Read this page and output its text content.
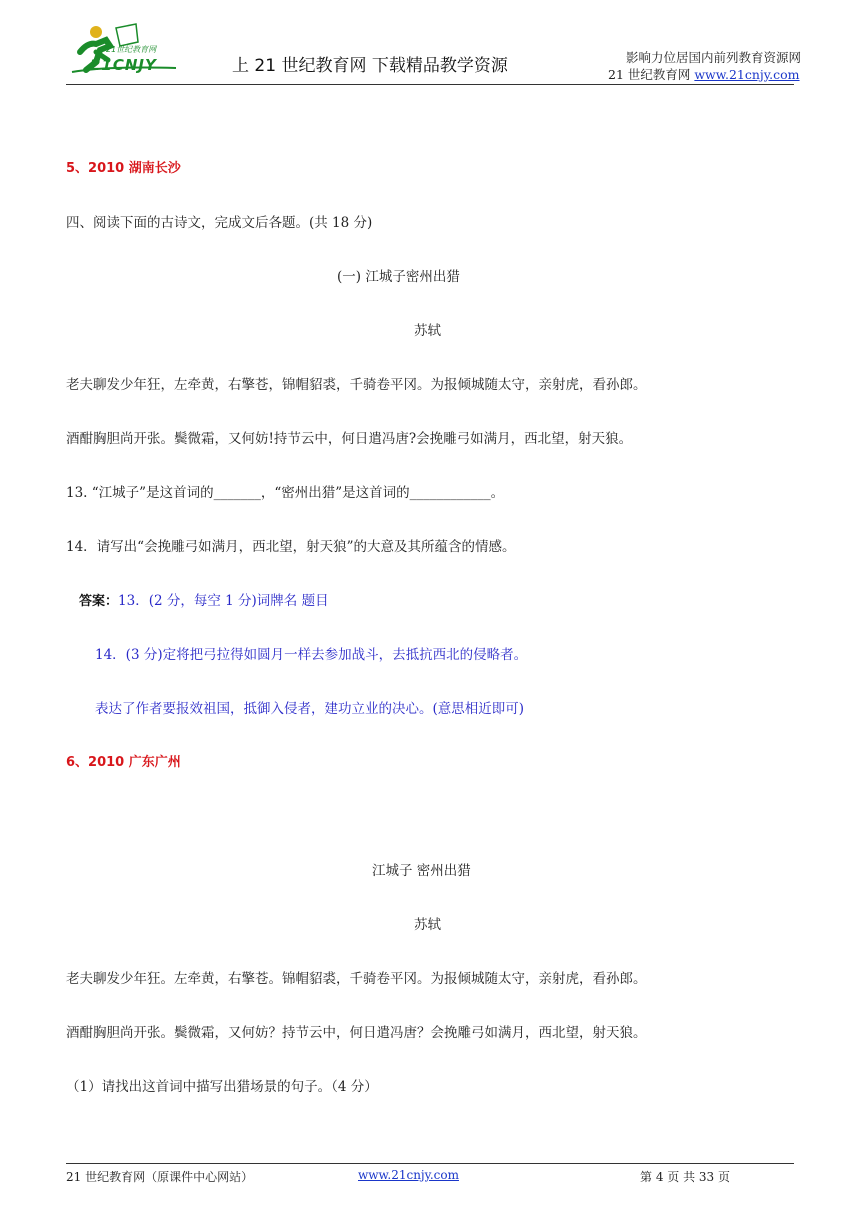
21世纪教育网
21CNJY	上 21 世纪教育网 下载精品教学资源	影响力位居国内前列教育资源网
21 世纪教育网 www.21cnjy.com
5、2010 湖南长沙
四、阅读下面的古诗文，完成文后各题。(共 18 分)
(一) 江城子密州出猎
苏轼
老夫聊发少年狂，左牵黄，右擎苍，锦帽貂裘，千骑卷平冈。为报倾城随太守，亲射虎，看孙郎。
酒酣胸胆尚开张。鬓微霜，又何妨!持节云中，何日遣冯唐?会挽雕弓如满月，西北望，射天狼。
13. “江城子”是这首词的_______，“密州出猎”是这首词的____________。
14．请写出“会挽雕弓如满月，西北望，射天狼”的大意及其所蕴含的情感。
答案：13．(2 分，每空 1 分)词牌名 题目
14．(3 分)定将把弓拉得如圆月一样去参加战斗，去抵抗西北的侵略者。
表达了作者要报效祖国，抵御入侵者，建功立业的决心。(意思相近即可)
6、2010 广东广州
江城子 密州出猎
苏轼
老夫聊发少年狂。左牵黄，右擎苍。锦帽貂裘，千骑卷平冈。为报倾城随太守，亲射虎，看孙郎。
酒酣胸胆尚开张。鬓微霜，又何妨？持节云中，何日遣冯唐？会挽雕弓如满月，西北望，射天狼。
（1）请找出这首词中描写出猎场景的句子。（4 分）
21 世纪教育网（原课件中心网站）	www.21cnjy.com	第 4 页 共 33 页
